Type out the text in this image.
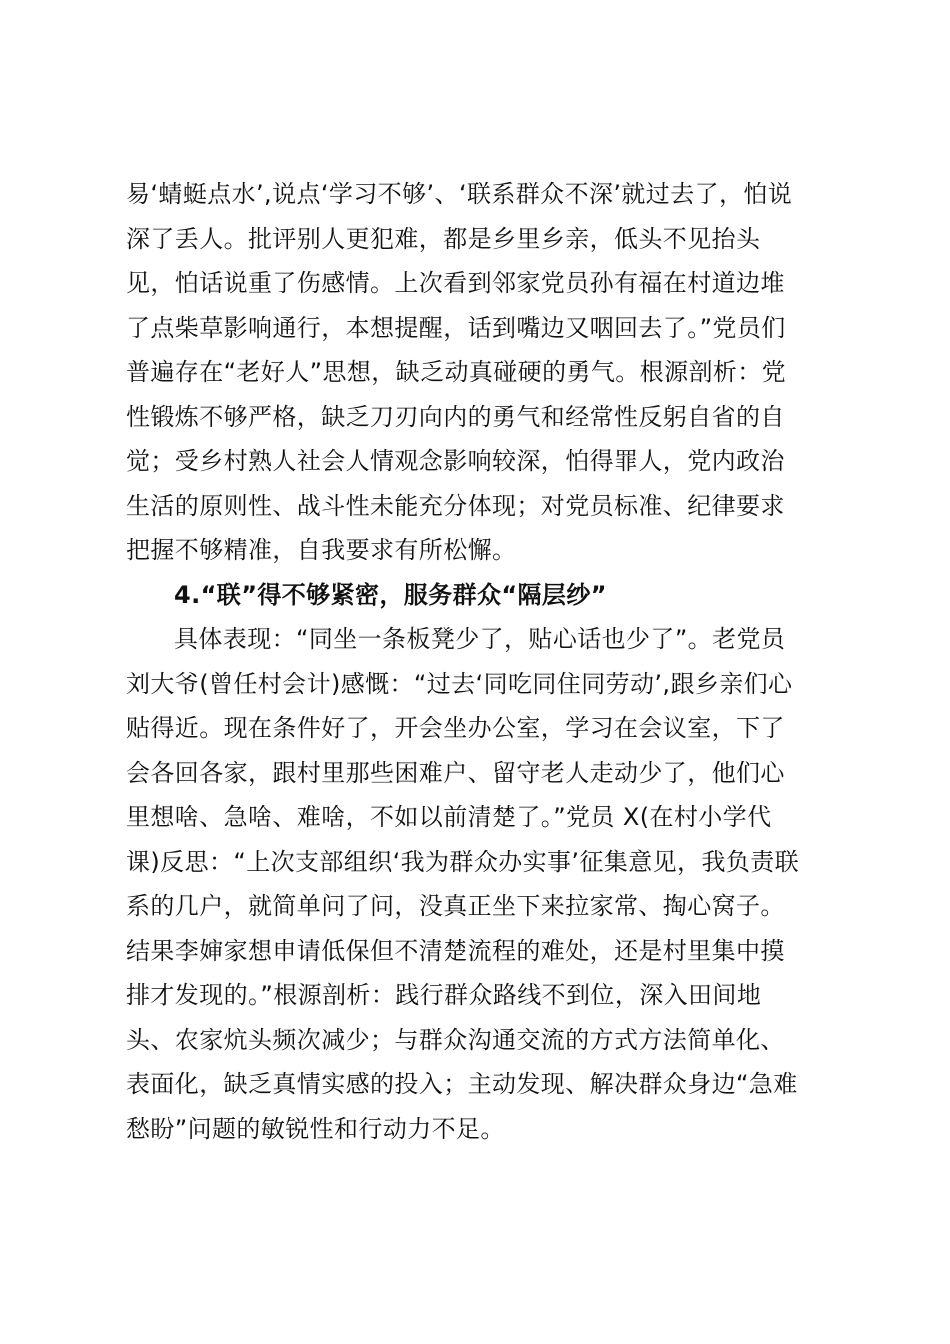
易‘蜻蜓点水’,说点‘学习不够’、‘联系群众不深’就过去了，怕说
深了丢人。批评别人更犯难，都是乡里乡亲，低头不见抬头
见，怕话说重了伤感情。上次看到邻家党员孙有福在村道边堆
了点柴草影响通行，本想提醒，话到嘴边又咽回去了。”党员们
普遍存在“老好人”思想，缺乏动真碰硬的勇气。根源剖析：党
性锻炼不够严格，缺乏刀刃向内的勇气和经常性反躬自省的自
觉；受乡村熟人社会人情观念影响较深，怕得罪人，党内政治
生活的原则性、战斗性未能充分体现；对党员标准、纪律要求
把握不够精准，自我要求有所松懈。
4.“联”得不够紧密，服务群众“隔层纱”
具体表现：“同坐一条板凳少了，贴心话也少了”。老党员
刘大爷(曾任村会计)感慨：“过去‘同吃同住同劳动’,跟乡亲们心
贴得近。现在条件好了，开会坐办公室，学习在会议室，下了
会各回各家，跟村里那些困难户、留守老人走动少了，他们心
里想啥、急啥、难啥，不如以前清楚了。”党员 X(在村小学代
课)反思：“上次支部组织‘我为群众办实事’征集意见，我负责联
系的几户，就简单问了问，没真正坐下来拉家常、掏心窝子。
结果李婶家想申请低保但不清楚流程的难处，还是村里集中摸
排才发现的。”根源剖析：践行群众路线不到位，深入田间地
头、农家炕头频次减少；与群众沟通交流的方式方法简单化、
表面化，缺乏真情实感的投入；主动发现、解决群众身边“急难
愁盼”问题的敏锐性和行动力不足。
